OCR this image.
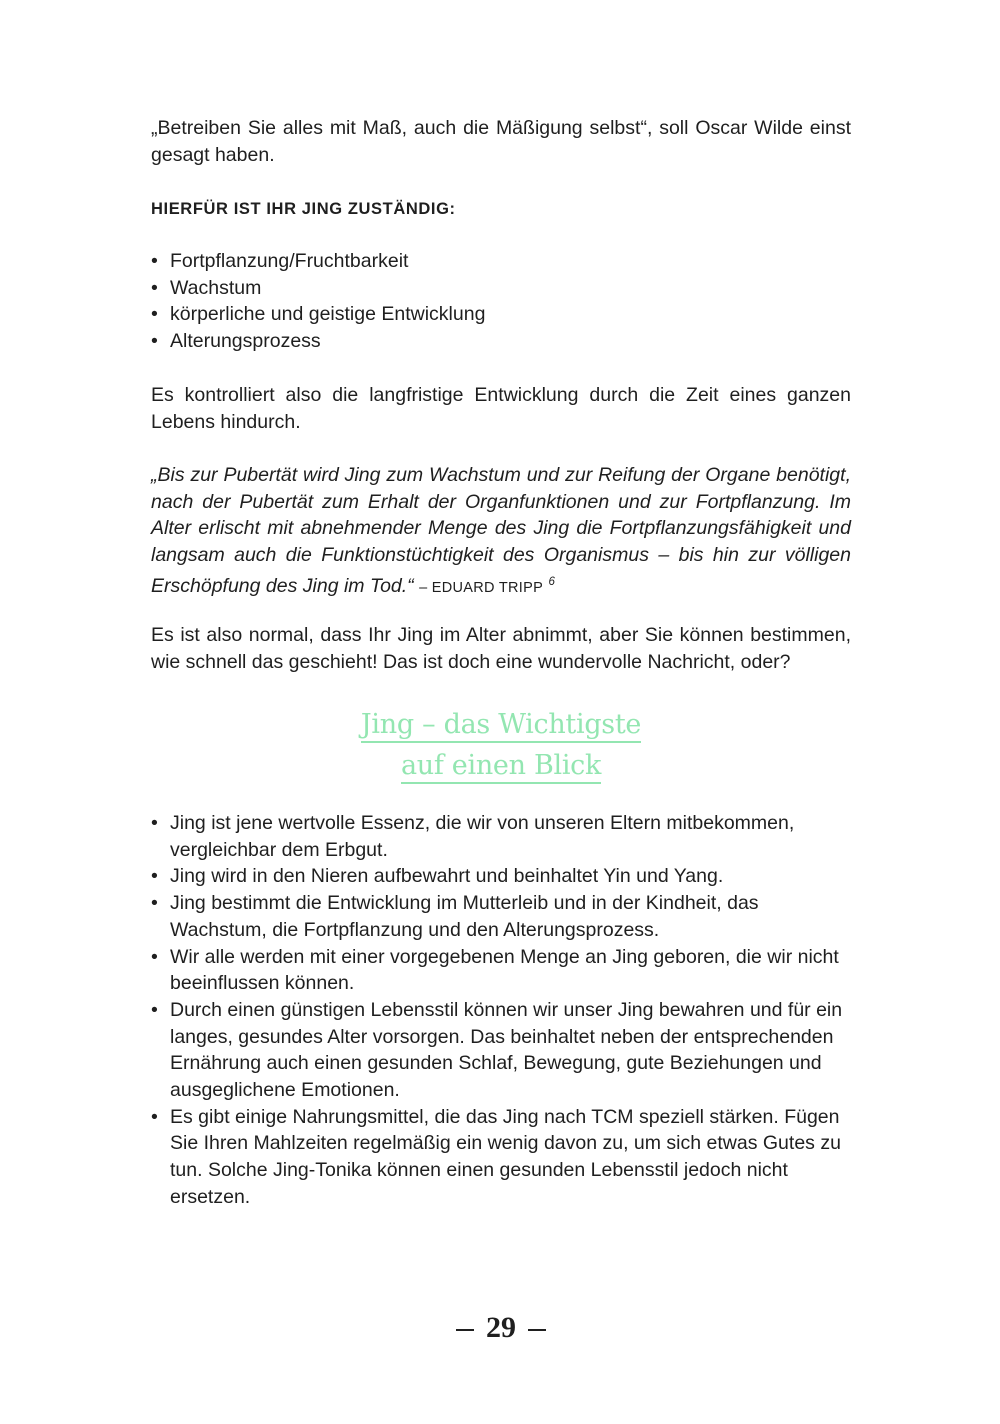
„Betreiben Sie alles mit Maß, auch die Mäßigung selbst“, soll Oscar Wilde einst gesagt haben.

HIERFÜR IST IHR JING ZUSTÄNDIG:

• Fortpflanzung/Fruchtbarkeit
• Wachstum
• körperliche und geistige Entwicklung
• Alterungsprozess

Es kontrolliert also die langfristige Entwicklung durch die Zeit eines ganzen Lebens hindurch.

„Bis zur Pubertät wird Jing zum Wachstum und zur Reifung der Organe benötigt, nach der Pubertät zum Erhalt der Organfunktionen und zur Fortpflanzung. Im Alter erlischt mit abnehmender Menge des Jing die Fortpflanzungsfähigkeit und langsam auch die Funktionstüchtigkeit des Organismus – bis hin zur völligen Erschöpfung des Jing im Tod.“ – EDUARD TRIPP $^6$

Es ist also normal, dass Ihr Jing im Alter abnimmt, aber Sie können bestimmen, wie schnell das geschieht! Das ist doch eine wundervolle Nachricht, oder?

Jing – das Wichtigste
auf einen Blick
• Jing ist jene wertvolle Essenz, die wir von unseren Eltern mitbekommen, vergleichbar dem Erbgut.
• Jing wird in den Nieren aufbewahrt und beinhaltet Yin und Yang.
• Jing bestimmt die Entwicklung im Mutterleib und in der Kindheit, das Wachstum, die Fortpflanzung und den Alterungsprozess.
• Wir alle werden mit einer vorgegebenen Menge an Jing geboren, die wir nicht beeinflussen können.
• Durch einen günstigen Lebensstil können wir unser Jing bewahren und für ein langes, gesundes Alter vorsorgen. Das beinhaltet neben der entsprechenden Ernährung auch einen gesunden Schlaf, Bewegung, gute Beziehungen und ausgeglichene Emotionen.
• Es gibt einige Nahrungsmittel, die das Jing nach TCM speziell stärken. Fügen Sie Ihren Mahlzeiten regelmäßig ein wenig davon zu, um sich etwas Gutes zu tun. Solche Jing-Tonika können einen gesunden Lebensstil jedoch nicht ersetzen.
29
